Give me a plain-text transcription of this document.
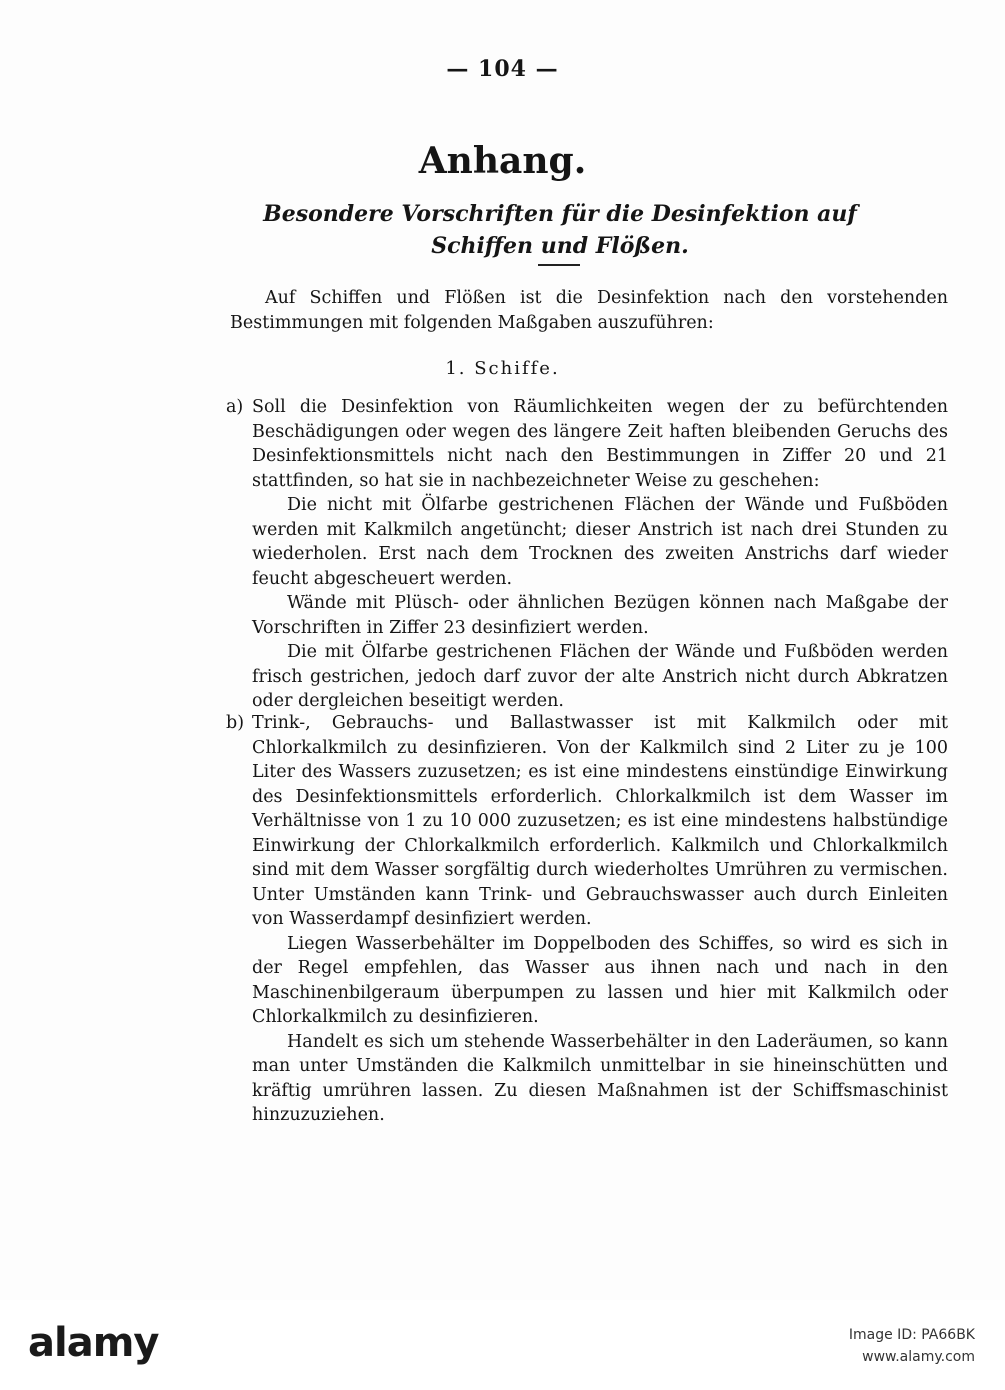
— 104 —
Anhang.
Besondere Vorschriften für die Desinfektion auf Schiffen und Flößen.
Auf Schiffen und Flößen ist die Desinfektion nach den vorstehenden Bestimmungen mit folgenden Maßgaben auszuführen:
1. Schiffe.
a) Soll die Desinfektion von Räumlichkeiten wegen der zu befürchtenden Beschädigungen oder wegen des längere Zeit haften bleibenden Geruchs des Desinfektionsmittels nicht nach den Bestimmungen in Ziffer 20 und 21 stattfinden, so hat sie in nachbezeichneter Weise zu geschehen:

Die nicht mit Ölfarbe gestrichenen Flächen der Wände und Fußböden werden mit Kalkmilch angetüncht; dieser Anstrich ist nach drei Stunden zu wiederholen. Erst nach dem Trocknen des zweiten Anstrichs darf wieder feucht abgescheuert werden.

Wände mit Plüsch- oder ähnlichen Bezügen können nach Maßgabe der Vorschriften in Ziffer 23 desinfiziert werden.

Die mit Ölfarbe gestrichenen Flächen der Wände und Fußböden werden frisch gestrichen, jedoch darf zuvor der alte Anstrich nicht durch Abkratzen oder dergleichen beseitigt werden.

b) Trink-, Gebrauchs- und Ballastwasser ist mit Kalkmilch oder mit Chlorkalkmilch zu desinfizieren. Von der Kalkmilch sind 2 Liter zu je 100 Liter des Wassers zuzusetzen; es ist eine mindestens einstündige Einwirkung des Desinfektionsmittels erforderlich. Chlorkalkmilch ist dem Wasser im Verhältnisse von 1 zu 10 000 zuzusetzen; es ist eine mindestens halbstündige Einwirkung der Chlorkalkmilch erforderlich. Kalkmilch und Chlorkalkmilch sind mit dem Wasser sorgfältig durch wiederholtes Umrühren zu vermischen. Unter Umständen kann Trink- und Gebrauchswasser auch durch Einleiten von Wasserdampf desinfiziert werden.

Liegen Wasserbehälter im Doppelboden des Schiffes, so wird es sich in der Regel empfehlen, das Wasser aus ihnen nach und nach in den Maschinenbilgeraum überpumpen zu lassen und hier mit Kalkmilch oder Chlorkalkmilch zu desinfizieren.

Handelt es sich um stehende Wasserbehälter in den Laderäumen, so kann man unter Umständen die Kalkmilch unmittelbar in sie hineinschütten und kräftig umrühren lassen. Zu diesen Maßnahmen ist der Schiffsmaschinist hinzuzuziehen.

alamy	Image ID: PA66BK
www.alamy.com
